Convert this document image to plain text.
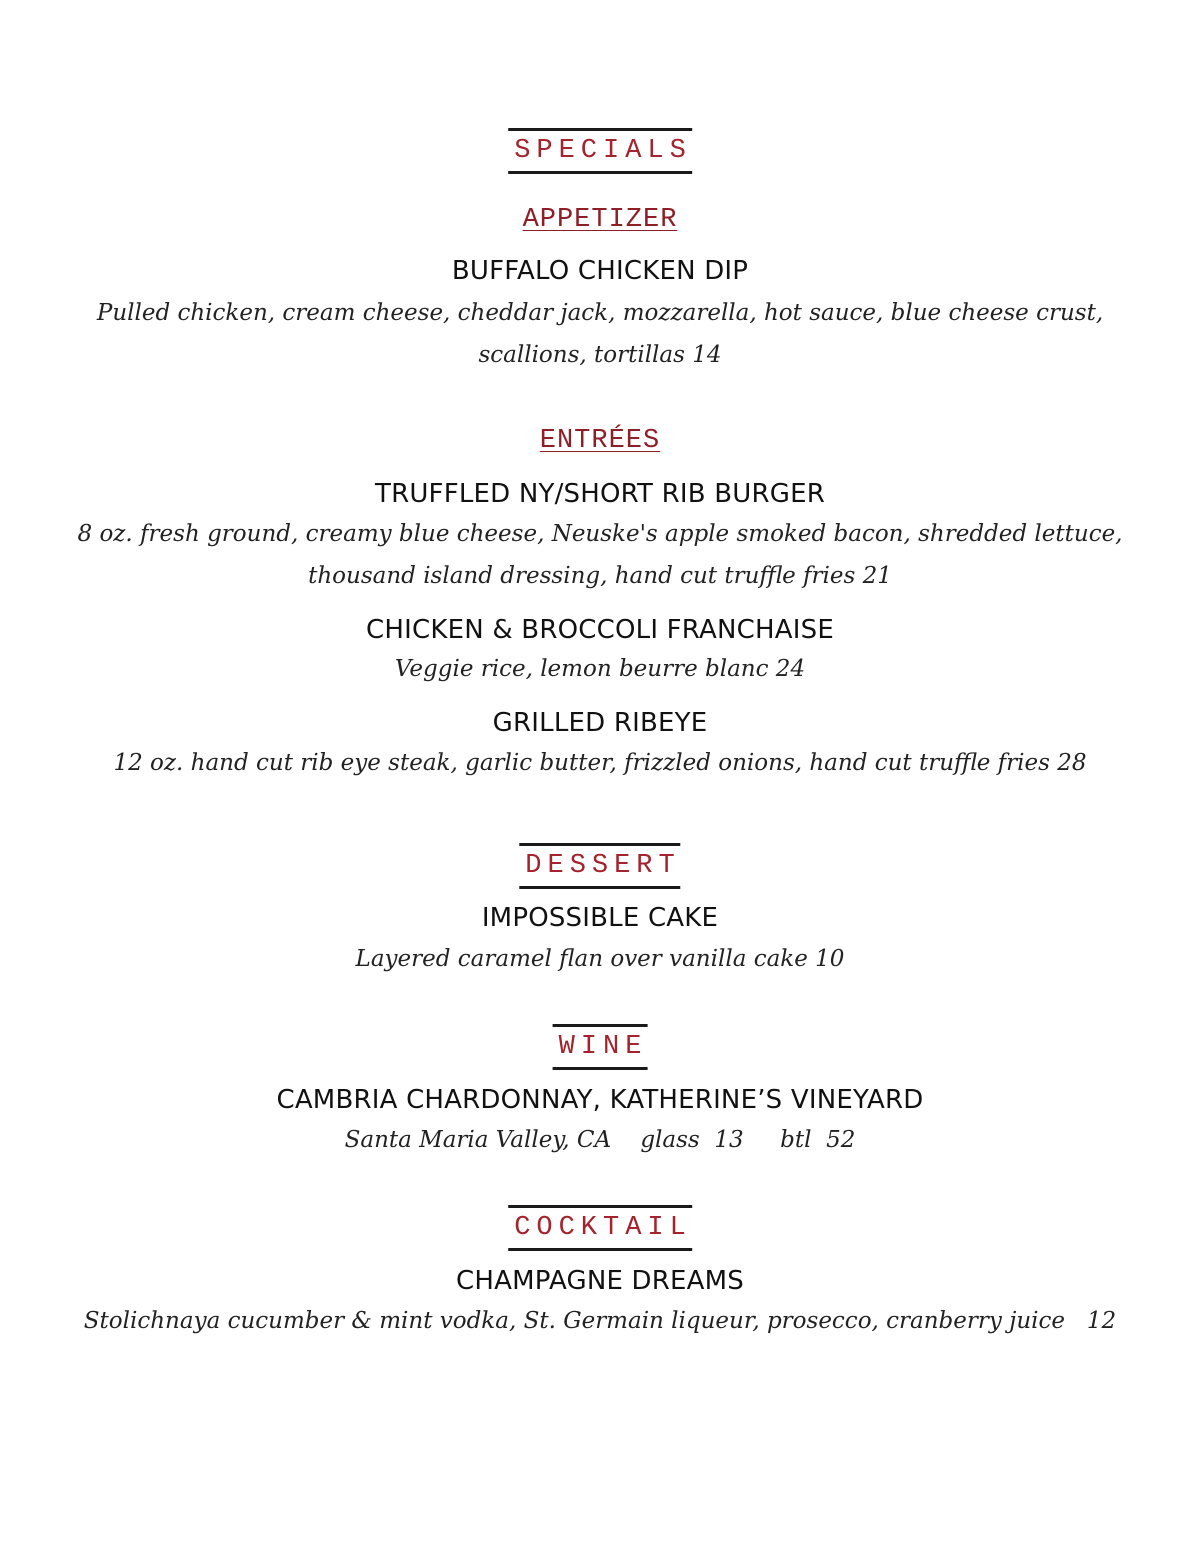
SPECIALS
APPETIZER
BUFFALO CHICKEN DIP
Pulled chicken, cream cheese, cheddar jack, mozzarella, hot sauce, blue cheese crust,
scallions, tortillas 14
ENTRÉES
TRUFFLED NY/SHORT RIB BURGER
8 oz. fresh ground, creamy blue cheese, Neuske's apple smoked bacon, shredded lettuce,
thousand island dressing, hand cut truffle fries 21
CHICKEN & BROCCOLI FRANCHAISE
Veggie rice, lemon beurre blanc 24
GRILLED RIBEYE
12 oz. hand cut rib eye steak, garlic butter, frizzled onions, hand cut truffle fries 28
DESSERT
IMPOSSIBLE CAKE
Layered caramel flan over vanilla cake 10
WINE
CAMBRIA CHARDONNAY, KATHERINE’S VINEYARD
Santa Maria Valley, CA    glass  13     btl  52
COCKTAIL
CHAMPAGNE DREAMS
Stolichnaya cucumber & mint vodka, St. Germain liqueur, prosecco, cranberry juice   12
